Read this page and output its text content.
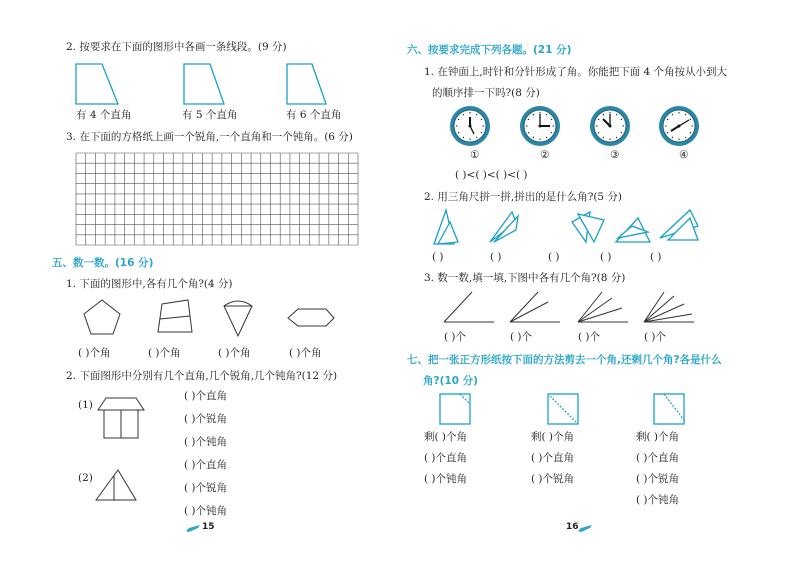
2. 按要求在下面的图形中各画一条线段。(9 分)
有 4 个直角	有 5 个直角	有 6 个直角
3. 在下面的方格纸上画一个锐角,一个直角和一个钝角。(6 分)
五、数一数。(16 分)
1. 下面的图形中,各有几个角?(4 分)
( )个角	( )个角	( )个角	( )个角
2. 下面图形中分别有几个直角,几个锐角,几个钝角?(12 分)
(1)
(2)
( )个直角
( )个锐角
( )个钝角
( )个直角
( )个锐角
( )个钝角
15
六、按要求完成下列各题。(21 分)
1. 在钟面上,时针和分针形成了角。你能把下面 4 个角按从小到大
的顺序排一下吗?(8 分)
①	②	③	④
( )<( )<( )<( )
2. 用三角尺拼一拼,拼出的是什么角?(5 分)
( )	( )	( )	( )	( )
3. 数一数,填一填,下图中各有几个角?(8 分)
( )个	( )个	( )个	( )个
七、把一张正方形纸按下面的方法剪去一个角,还剩几个角?各是什么
角?(10 分)
剩( )个角
( )个直角
( )个钝角
剩( )个角
( )个直角
( )个锐角
剩( )个角
( )个直角
( )个锐角
( )个钝角
16
